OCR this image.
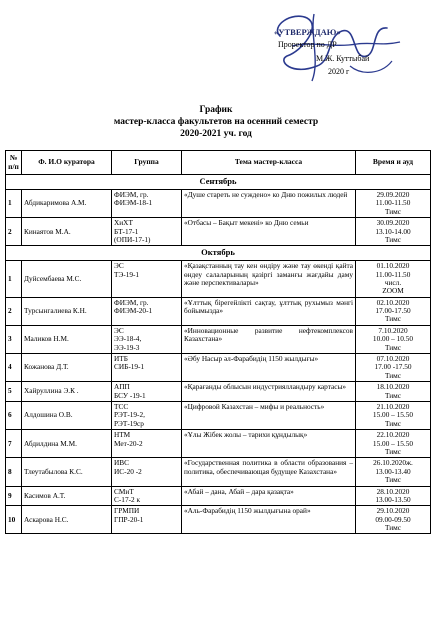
«УТВЕРЖДАЮ»
Проректор по ДР
М.Ж. Куттыбай
2020 г
График
мастер-класса факультетов на осенний семестр
2020-2021 уч. год
№ п/п	Ф. И.О куратора	Группа	Тема мастер-класса	Время и ауд
Сентябрь				
1	Абдикаримова А.М.	ФИЭМ, гр.
ФИЭМ-18-1	«Душе стареть не суждено» ко Дню пожилых людей	29.09.2020
11.00-11.50
Тимс
2	Кинаятов М.А.	ХиХТ
БТ-17-1
(ОПИ-17-1)	«Отбасы – Бақыт мекені» ко Дню семьи	30.09.2020
13.10-14.00
Тимс
Октябрь				
1	Дуйсембаева М.С.	ЭС
ТЭ-19-1	«Қазақстанның тау кен өндіру және тау өкенді қайта өндеу салаларының қазіргі заманғы жағдайы даму және перспективалары»	01.10.2020
11.00-11.50
числ.
ZOOM
2	Турсынгалиева К.Н.	ФИЭМ, гр.
ФИЭМ-20-1	«Ұлттық бірегейлікті сақтау, ұлттық рухымыз мәнгі бойымызда»	02.10.2020
17.00-17.50
Тимс
3	Маликов Н.М.	ЭС
ЭЭ-18-4,
ЭЭ-19-3	«Инновационные развитие нефтекомплексов Казахстана»	7.10.2020
10.00 – 10.50
Тимс
4	Кожанова Д.Т.	ИТБ
СИБ-19-1	«Әбу Насыр әл-Фарабидің 1150 жылдығы»	07.10.2020
17.00 -17.50
Тимс
5	Хайруллина Э.К .	АПП
БСУ -19-1	«Қарағанды облысын индустриялландыру картасы»	18.10.2020
Тимс
6	Алдошина О.В.	ТСС
РЭТ-19-2,
РЭТ-19ср	«Цифровой Казахстан – мифы и реальность»	21.10.2020
15.00 – 15.50
Тимс
7	Абдилдина М.М.	НТМ
Мет-20-2	«Ұлы Жібек жолы – тарихи құндылық»	22.10.2020
15.00 – 15.50
Тимс
8	Тлеутабылова К.С.	ИВС
ИС-20 -2	«Государственная политика в области образования – политика, обеспечивающая будущее Казахстана»	26.10.2020ж.
13.00-13.40
Тимс
9	Касимов А.Т.	СМиТ
С-17-2 к	«Абай – дана, Абай – дара қазақта»	28.10.2020
13.00-13.50
10	Аскарова Н.С.	ГРМПИ
ГПР-20-1	«Аль-Фарабидің 1150 жылдығына орай»	29.10.2020
09.00-09.50
Тимс
